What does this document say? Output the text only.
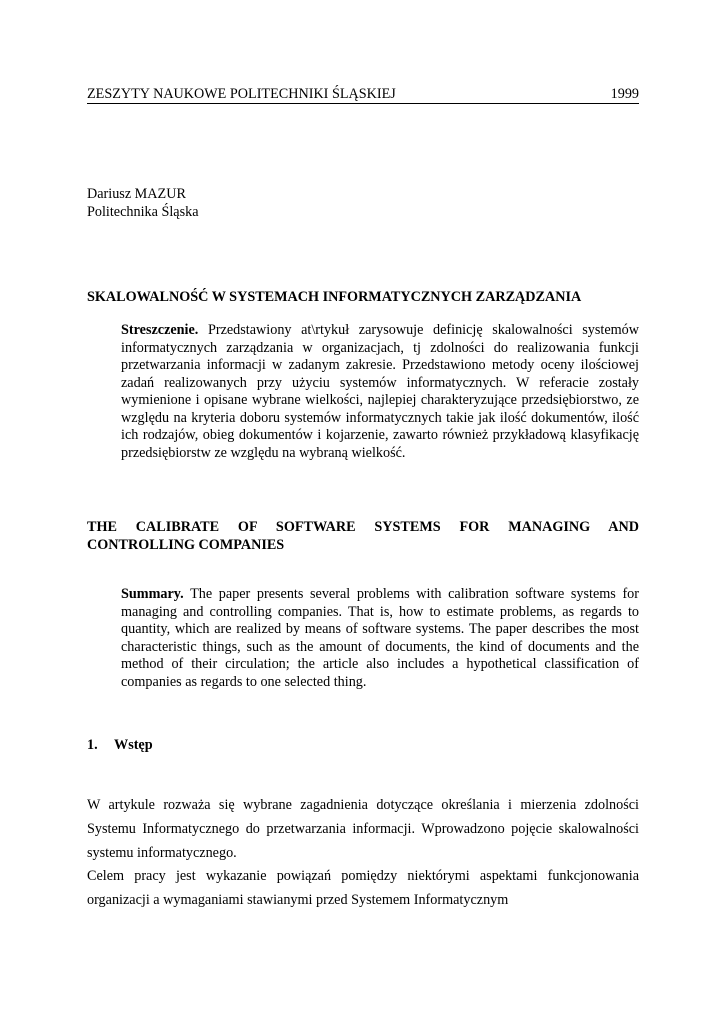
ZESZYTY NAUKOWE POLITECHNIKI ŚLĄSKIEJ	1999
Dariusz MAZUR
Politechnika Śląska
SKALOWALNOŚĆ W SYSTEMACH INFORMATYCZNYCH ZARZĄDZANIA
Streszczenie. Przedstawiony at\rtykuł zarysowuje definicję skalowalności systemów
informatycznych zarządzania w organizacjach, tj zdolności do realizowania funkcji
przetwarzania informacji w zadanym zakresie. Przedstawiono metody oceny ilościowej
zadań realizowanych przy użyciu systemów informatycznych. W referacie zostały
wymienione i opisane wybrane wielkości, najlepiej charakteryzujące przedsiębiorstwo, ze
względu na kryteria doboru systemów informatycznych takie jak ilość dokumentów, ilość
ich rodzajów, obieg dokumentów i kojarzenie, zawarto również przykładową klasyfikację
przedsiębiorstw ze względu na wybraną wielkość.
THE CALIBRATE OF SOFTWARE SYSTEMS FOR MANAGING AND
CONTROLLING COMPANIES
Summary. The paper presents several problems with calibration software systems for
managing and controlling companies. That is, how to estimate problems, as regards to
quantity, which are realized by means of software systems. The paper describes the most
characteristic things, such as the amount of documents, the kind of documents and the
method of their circulation; the article also includes a hypothetical classification of
companies as regards to one selected thing.
1. Wstęp
W artykule rozważa się wybrane zagadnienia dotyczące określania i mierzenia zdolności
Systemu Informatycznego do przetwarzania informacji. Wprowadzono pojęcie skalowalności
systemu informatycznego.
Celem pracy jest wykazanie powiązań pomiędzy niektórymi aspektami funkcjonowania
organizacji a wymaganiami stawianymi przed Systemem Informatycznym
